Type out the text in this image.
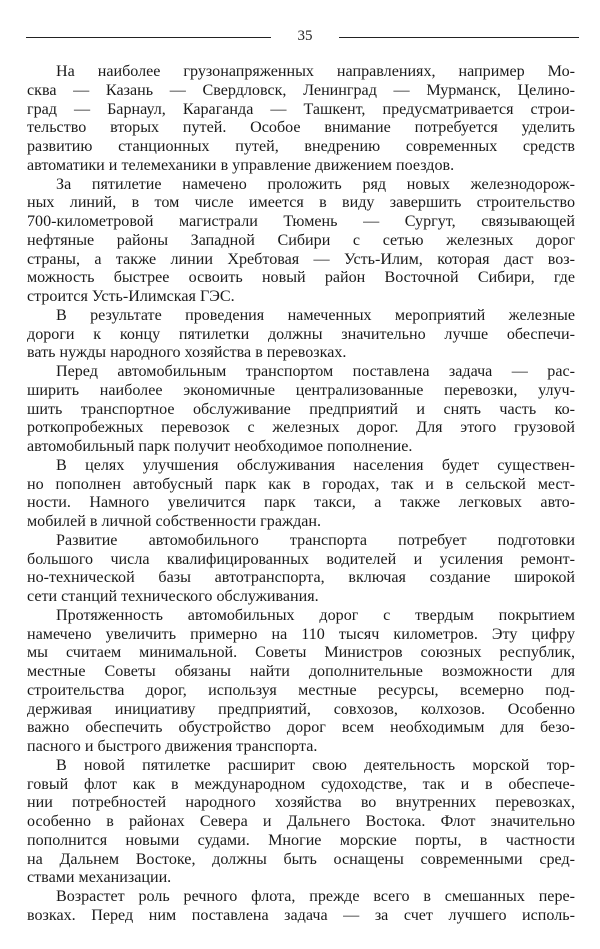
35
На наиболее грузонапряженных направлениях, например Мо-
сква — Казань — Свердловск, Ленинград — Мурманск, Целино-
град — Барнаул, Караганда — Ташкент, предусматривается строи-
тельство вторых путей. Особое внимание потребуется уделить
развитию станционных путей, внедрению современных средств
автоматики и телемеханики в управление движением поездов.
За пятилетие намечено проложить ряд новых железнодорож-
ных линий, в том числе имеется в виду завершить строительство
700-километровой магистрали Тюмень — Сургут, связывающей
нефтяные районы Западной Сибири с сетью железных дорог
страны, а также линии Хребтовая — Усть-Илим, которая даст воз-
можность быстрее освоить новый район Восточной Сибири, где
строится Усть-Илимская ГЭС.
В результате проведения намеченных мероприятий железные
дороги к концу пятилетки должны значительно лучше обеспечи-
вать нужды народного хозяйства в перевозках.
Перед автомобильным транспортом поставлена задача — рас-
ширить наиболее экономичные централизованные перевозки, улуч-
шить транспортное обслуживание предприятий и снять часть ко-
роткопробежных перевозок с железных дорог. Для этого грузовой
автомобильный парк получит необходимое пополнение.
В целях улучшения обслуживания населения будет существен-
но пополнен автобусный парк как в городах, так и в сельской мест-
ности. Намного увеличится парк такси, а также легковых авто-
мобилей в личной собственности граждан.
Развитие автомобильного транспорта потребует подготовки
большого числа квалифицированных водителей и усиления ремонт-
но-технической базы автотранспорта, включая создание широкой
сети станций технического обслуживания.
Протяженность автомобильных дорог с твердым покрытием
намечено увеличить примерно на 110 тысяч километров. Эту цифру
мы считаем минимальной. Советы Министров союзных республик,
местные Советы обязаны найти дополнительные возможности для
строительства дорог, используя местные ресурсы, всемерно под-
держивая инициативу предприятий, совхозов, колхозов. Особенно
важно обеспечить обустройство дорог всем необходимым для безо-
пасного и быстрого движения транспорта.
В новой пятилетке расширит свою деятельность морской тор-
говый флот как в международном судоходстве, так и в обеспече-
нии потребностей народного хозяйства во внутренних перевозках,
особенно в районах Севера и Дальнего Востока. Флот значительно
пополнится новыми судами. Многие морские порты, в частности
на Дальнем Востоке, должны быть оснащены современными сред-
ствами механизации.
Возрастет роль речного флота, прежде всего в смешанных пере-
возках. Перед ним поставлена задача — за счет лучшего исполь-
